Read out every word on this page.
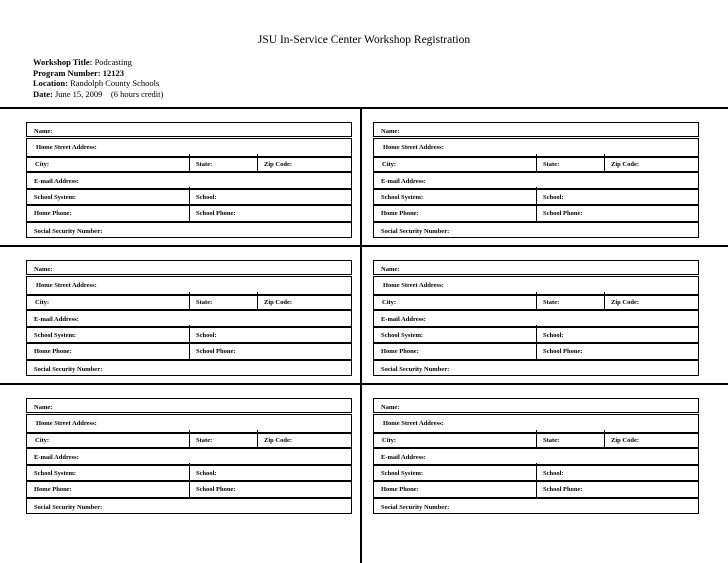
JSU In-Service Center Workshop Registration
Workshop Title: Podcasting
Program Number: 12123
Location: Randolph County Schools
Date: June 15, 2009    (6 hours credit)
Name:
Home Street Address:
City:	State:	Zip Code:
E-mail Address:
School System:	School:
Home Phone:	School Phone:
Social Security Number:
Name:
Home Street Address:
City:	State:	Zip Code:
E-mail Address:
School System:	School:
Home Phone:	School Phone:
Social Security Number:
Name:
Home Street Address:
City:	State:	Zip Code:
E-mail Address:
School System:	School:
Home Phone:	School Phone:
Social Security Number:
Name:
Home Street Address:
City:	State:	Zip Code:
E-mail Address:
School System:	School:
Home Phone:	School Phone:
Social Security Number:
Name:
Home Street Address:
City:	State:	Zip Code:
E-mail Address:
School System:	School:
Home Phone:	School Phone:
Social Security Number:
Name:
Home Street Address:
City:	State:	Zip Code:
E-mail Address:
School System:	School:
Home Phone:	School Phone:
Social Security Number:
